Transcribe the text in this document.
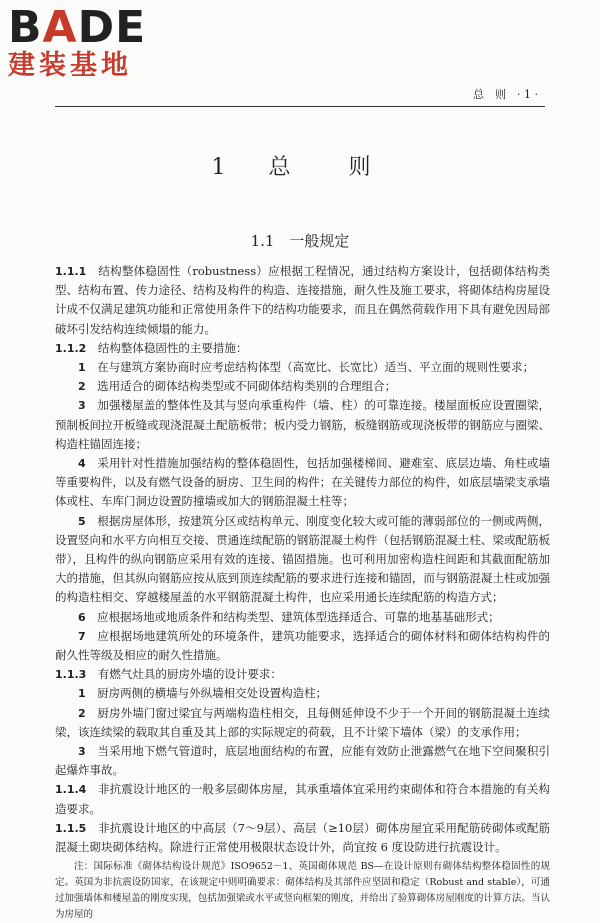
BADE
建装基地
总　则　· 1 ·
1 总　则
1.1　一般规定

1.1.1　 结构整体稳固性（robustness）应根据工程情况，通过结构方案设计，包括砌体结构类型、结构布置、传力途径、结构及构件的构造、连接措施，耐久性及施工要求，将砌体结构房屋设计成不仅满足建筑功能和正常使用条件下的结构功能要求，而且在偶然荷载作用下具有避免因局部破坏引发结构连续倾塌的能力。

1.1.2　 结构整体稳固性的主要措施：

1　 在与建筑方案协商时应考虑结构体型（高宽比、长宽比）适当、平立面的规则性要求；

2　 选用适合的砌体结构类型或不同砌体结构类别的合理组合；

3　 加强楼屋盖的整体性及其与竖向承重构件（墙、柱）的可靠连接。楼屋面板应设置圈梁，预制板间拉开板缝或现浇混凝土配筋板带；板内受力钢筋，板缝钢筋或现浇板带的钢筋应与圈梁、构造柱锚固连接；

4　 采用针对性措施加强结构的整体稳固性，包括加强楼梯间、避难室、底层边墙、角柱或墙等重要构件，以及有燃气设备的厨房、卫生间的构件；在关键传力部位的构件，如底层墙梁支承墙体或柱、车库门洞边设置防撞墙或加大的钢筋混凝土柱等；

5　 根据房屋体形，按建筑分区或结构单元、刚度变化较大或可能的薄弱部位的一侧或两侧，设置竖向和水平方向相互交接、贯通连续配筋的钢筋混凝土构件（包括钢筋混凝土柱、梁或配筋板带），且构件的纵向钢筋应采用有效的连接、锚固措施。也可利用加密构造柱间距和其截面配筋加大的措施，但其纵向钢筋应按从底到顶连续配筋的要求进行连接和锚固，而与钢筋混凝土柱或加强的构造柱相交、穿越楼屋盖的水平钢筋混凝土构件，也应采用通长连续配筋的构造方式；

6　 应根据场地或地质条件和结构类型、建筑体型选择适合、可靠的地基基础形式；

7　 应根据场地建筑所处的环境条件，建筑功能要求，选择适合的砌体材料和砌体结构构件的耐久性等级及相应的耐久性措施。

1.1.3　 有燃气灶具的厨房外墙的设计要求：

1　 厨房两侧的横墙与外纵墙相交处设置构造柱；

2　 厨房外墙门窗过梁宜与两端构造柱相交，且每侧延伸设不少于一个开间的钢筋混凝土连续梁，该连续梁的载取其自重及其上部的实际规定的荷载，且不计梁下墙体（梁）的支承作用；

3　 当采用地下燃气管道时，底层地面结构的布置，应能有效防止泄露燃气在地下空间聚积引起爆炸事故。

1.1.4　 非抗震设计地区的一般多层砌体房屋，其承重墙体宜采用约束砌体和符合本措施的有关构造要求。

1.1.5　 非抗震设计地区的中高层（7～9层）、高层（≥10层）砌体房屋宜采用配筋砖砌体或配筋混凝土砌块砌体结构。除进行正常使用极限状态设计外，尚宜按 6 度设防进行抗震设计。

注：国际标准《砌体结构设计规范》ISO9652－1、英国砌体规范 BS—在设计原则有砌体结构整体稳固性的规定。英国为非抗震设防国家，在该规定中则明确要求：砌体结构及其部件应坚固和稳定（Robust and stable），可通过加强墙体和楼屋盖的刚度实现，包括加强梁或水平或竖向框架的刚度，并给出了验算砌体房屋刚度的计算方法。当认为房屋的
